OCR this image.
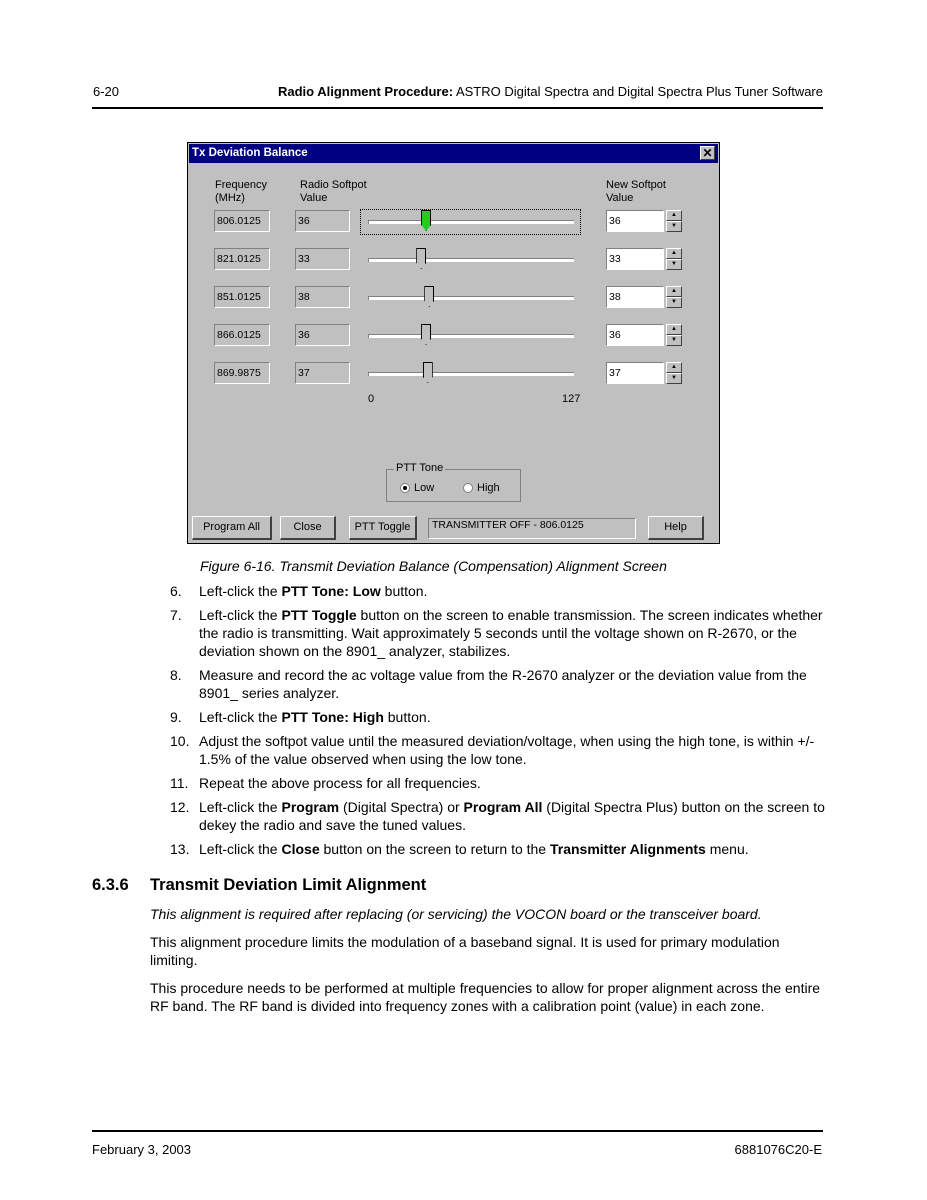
6-20	Radio Alignment Procedure: ASTRO Digital Spectra and Digital Spectra Plus Tuner Software
Tx Deviation Balance	✕
Frequency
(MHz)
Radio Softpot
Value
New Softpot
Value
806.0125	36	36	▲
▼
821.0125	33	33	▲
▼
851.0125	38	38	▲
▼
866.0125	36	36	▲
▼
869.9875	37	37	▲
▼
0	127
PTT Tone
Low	High
Program All	Close	PTT Toggle	TRANSMITTER OFF - 806.0125	Help
Figure 6-16. Transmit Deviation Balance (Compensation) Alignment Screen
6.	Left-click the PTT Tone: Low button.
7.	Left-click the PTT Toggle button on the screen to enable transmission. The screen indicates whether the radio is transmitting. Wait approximately 5 seconds until the voltage shown on R-2670, or the deviation shown on the 8901_ analyzer, stabilizes.
8.	Measure and record the ac voltage value from the R-2670 analyzer or the deviation value from the 8901_ series analyzer.
9.	Left-click the PTT Tone: High button.
10. Adjust the softpot value until the measured deviation/voltage, when using the high tone, is within +/- 1.5% of the value observed when using the low tone.
11. Repeat the above process for all frequencies.
12. Left-click the Program (Digital Spectra) or Program All (Digital Spectra Plus) button on the screen to dekey the radio and save the tuned values.
13. Left-click the Close button on the screen to return to the Transmitter Alignments menu.
6.3.6 Transmit Deviation Limit Alignment

This alignment is required after replacing (or servicing) the VOCON board or the transceiver board.

This alignment procedure limits the modulation of a baseband signal. It is used for primary modulation limiting.

This procedure needs to be performed at multiple frequencies to allow for proper alignment across the entire RF band. The RF band is divided into frequency zones with a calibration point (value) in each zone.

February 3, 2003	6881076C20-E
